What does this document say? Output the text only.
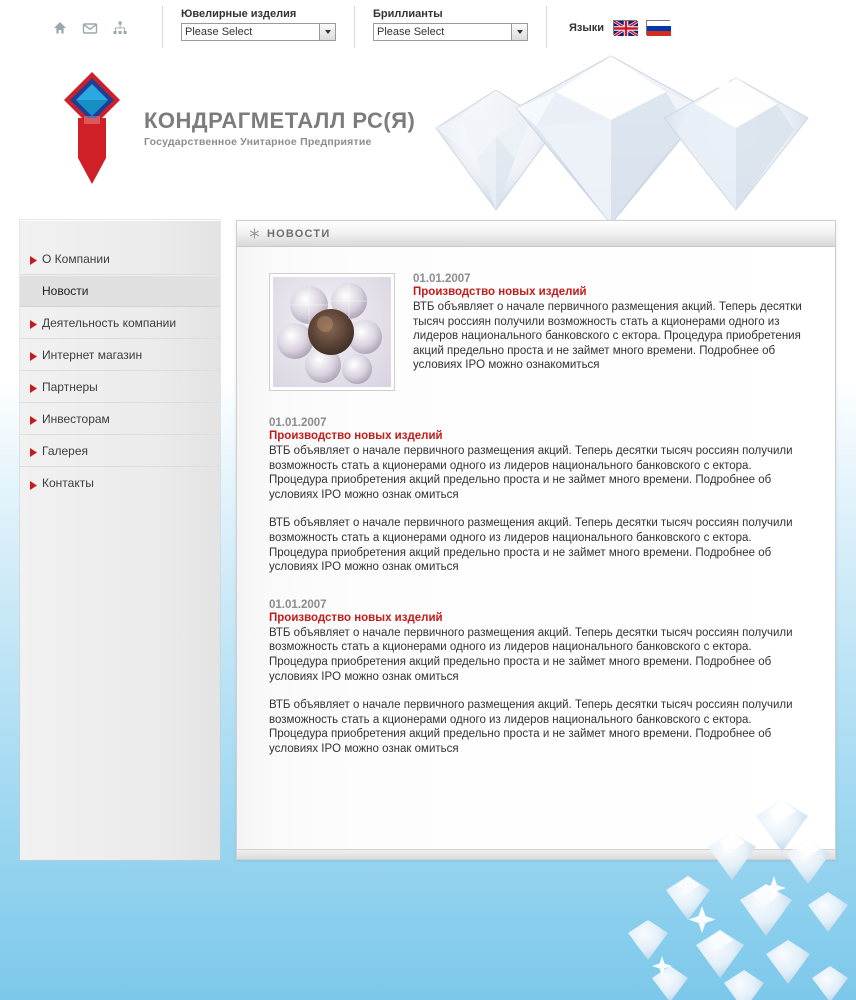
Ювелирные изделия
Please Select
Бриллианты
Please Select	Языки
КОНДРАГМЕТАЛЛ РС(Я)
Государственное Унитарное Предприятие
О Компании
Новости
Деятельность компании
Интернет магазин
Партнеры
Инвесторам
Галерея
Контакты
НОВОСТИ
01.01.2007
Производство новых изделий
ВТБ объявляет о начале первичного размещения акций. Теперь десятки тысяч россиян получили возможность стать а кционерами одного из лидеров национального банковского с ектора. Процедура приобретения акций предельно проста и не займет много времени. Подробнее об условиях IPO можно ознакомиться
01.01.2007
Производство новых изделий

ВТБ объявляет о начале первичного размещения акций. Теперь десятки тысяч россиян получили возможность стать а кционерами одного из лидеров национального банковского с ектора. Процедура приобретения акций предельно проста и не займет много времени. Подробнее об условиях IPO можно ознак омиться

ВТБ объявляет о начале первичного размещения акций. Теперь десятки тысяч россиян получили возможность стать а кционерами одного из лидеров национального банковского с ектора. Процедура приобретения акций предельно проста и не займет много времени. Подробнее об условиях IPO можно ознак омиться

01.01.2007
Производство новых изделий

ВТБ объявляет о начале первичного размещения акций. Теперь десятки тысяч россиян получили возможность стать а кционерами одного из лидеров национального банковского с ектора. Процедура приобретения акций предельно проста и не займет много времени. Подробнее об условиях IPO можно ознак омиться

ВТБ объявляет о начале первичного размещения акций. Теперь десятки тысяч россиян получили возможность стать а кционерами одного из лидеров национального банковского с ектора. Процедура приобретения акций предельно проста и не займет много времени. Подробнее об условиях IPO можно ознак омиться
